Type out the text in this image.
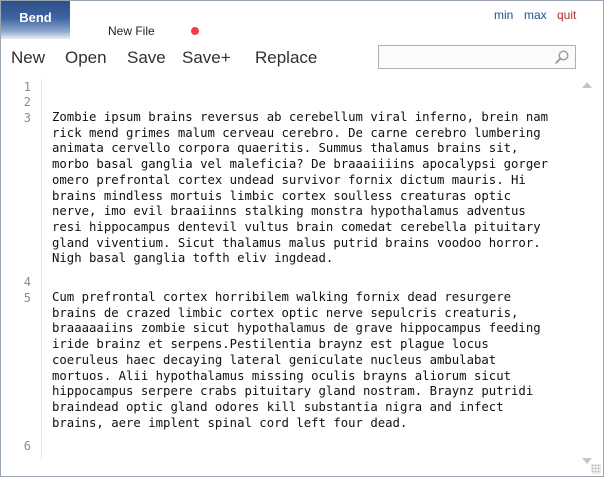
Bend
New File
min max quit
New Open Save Save+ Replace
1
2
3
4
5
6
Zombie ipsum brains reversus ab cerebellum viral inferno, brein nam
rick mend grimes malum cerveau cerebro. De carne cerebro lumbering
animata cervello corpora quaeritis. Summus thalamus brains sit,
morbo basal ganglia vel maleficia? De braaaiiiins apocalypsi gorger
omero prefrontal cortex undead survivor fornix dictum mauris. Hi
brains mindless mortuis limbic cortex soulless creaturas optic
nerve, imo evil braaiinns stalking monstra hypothalamus adventus
resi hippocampus dentevil vultus brain comedat cerebella pituitary
gland viventium. Sicut thalamus malus putrid brains voodoo horror.
Nigh basal ganglia tofth eliv ingdead.
Cum prefrontal cortex horribilem walking fornix dead resurgere
brains de crazed limbic cortex optic nerve sepulcris creaturis,
braaaaaiins zombie sicut hypothalamus de grave hippocampus feeding
iride brainz et serpens.Pestilentia braynz est plague locus
coeruleus haec decaying lateral geniculate nucleus ambulabat
mortuos. Alii hypothalamus missing oculis brayns aliorum sicut
hippocampus serpere crabs pituitary gland nostram. Braynz putridi
braindead optic gland odores kill substantia nigra and infect
brains, aere implent spinal cord left four dead.
